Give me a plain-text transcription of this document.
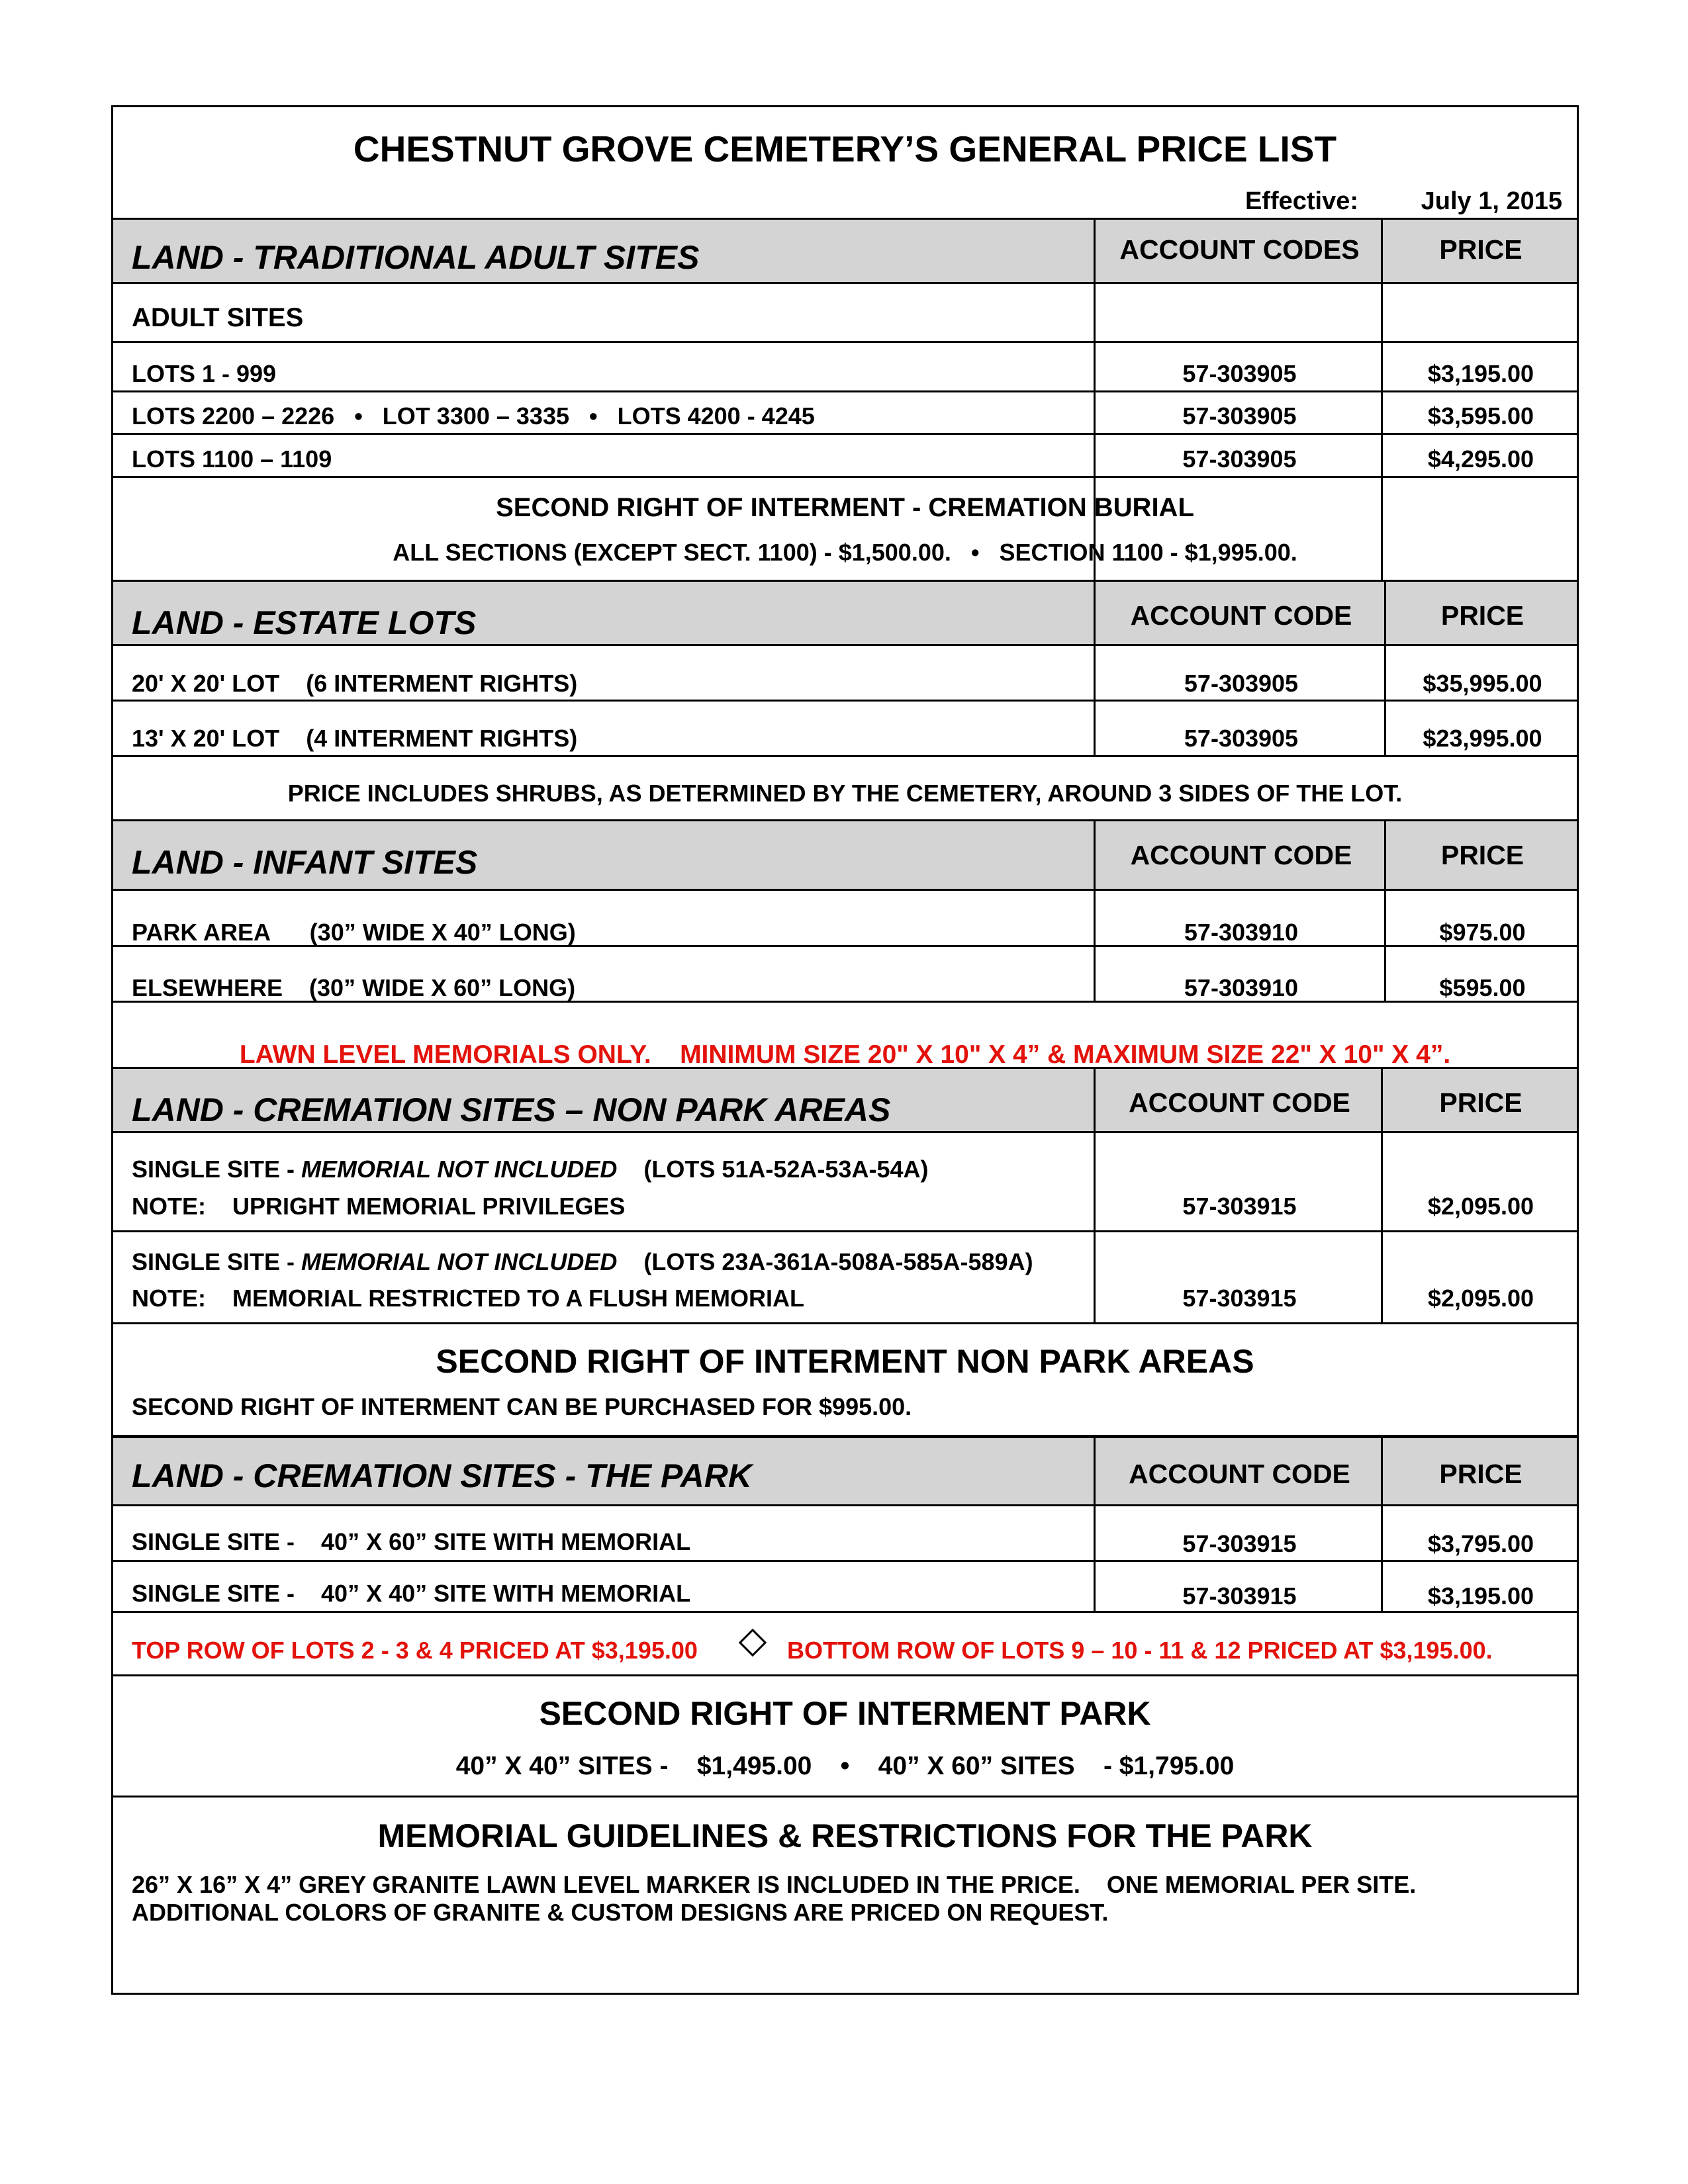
CHESTNUT GROVE CEMETERY’S GENERAL PRICE LIST
Effective: July 1, 2015
LAND - TRADITIONAL ADULT SITES	ACCOUNT CODES	PRICE
ADULT SITES
LOTS 1 - 999	57-303905	$3,195.00
LOTS 2200 – 2226   •   LOT 3300 – 3335   •   LOTS 4200 - 4245	57-303905	$3,595.00
LOTS 1100 – 1109	57-303905	$4,295.00
SECOND RIGHT OF INTERMENT - CREMATION BURIAL
ALL SECTIONS (EXCEPT SECT. 1100) - $1,500.00.   •   SECTION 1100 - $1,995.00.
LAND - ESTATE LOTS	ACCOUNT CODE	PRICE
20' X 20' LOT    (6 INTERMENT RIGHTS)	57-303905	$35,995.00
13' X 20' LOT    (4 INTERMENT RIGHTS)	57-303905	$23,995.00
PRICE INCLUDES SHRUBS, AS DETERMINED BY THE CEMETERY, AROUND 3 SIDES OF THE LOT.
LAND - INFANT SITES	ACCOUNT CODE	PRICE
PARK AREA      (30” WIDE X 40” LONG)	57-303910	$975.00
ELSEWHERE    (30” WIDE X 60” LONG)	57-303910	$595.00
LAWN LEVEL MEMORIALS ONLY.    MINIMUM SIZE 20" X 10" X 4” & MAXIMUM SIZE 22" X 10" X 4”.
LAND - CREMATION SITES – NON PARK AREAS	ACCOUNT CODE	PRICE
SINGLE SITE - MEMORIAL NOT INCLUDED    (LOTS 51A-52A-53A-54A)
NOTE:    UPRIGHT MEMORIAL PRIVILEGES	57-303915	$2,095.00
SINGLE SITE - MEMORIAL NOT INCLUDED    (LOTS 23A-361A-508A-585A-589A)
NOTE:    MEMORIAL RESTRICTED TO A FLUSH MEMORIAL	57-303915	$2,095.00
SECOND RIGHT OF INTERMENT NON PARK AREAS
SECOND RIGHT OF INTERMENT CAN BE PURCHASED FOR $995.00.
LAND - CREMATION SITES - THE PARK	ACCOUNT CODE	PRICE
SINGLE SITE -    40” X 60” SITE WITH MEMORIAL	57-303915	$3,795.00
SINGLE SITE -    40” X 40” SITE WITH MEMORIAL	57-303915	$3,195.00
TOP ROW OF LOTS 2 - 3 & 4 PRICED AT $3,195.00	BOTTOM ROW OF LOTS 9 – 10 - 11 & 12 PRICED AT $3,195.00.
SECOND RIGHT OF INTERMENT PARK
40” X 40” SITES -    $1,495.00    •    40” X 60” SITES    - $1,795.00
MEMORIAL GUIDELINES & RESTRICTIONS FOR THE PARK
26” X 16” X 4” GREY GRANITE LAWN LEVEL MARKER IS INCLUDED IN THE PRICE.    ONE MEMORIAL PER SITE.
ADDITIONAL COLORS OF GRANITE & CUSTOM DESIGNS ARE PRICED ON REQUEST.
